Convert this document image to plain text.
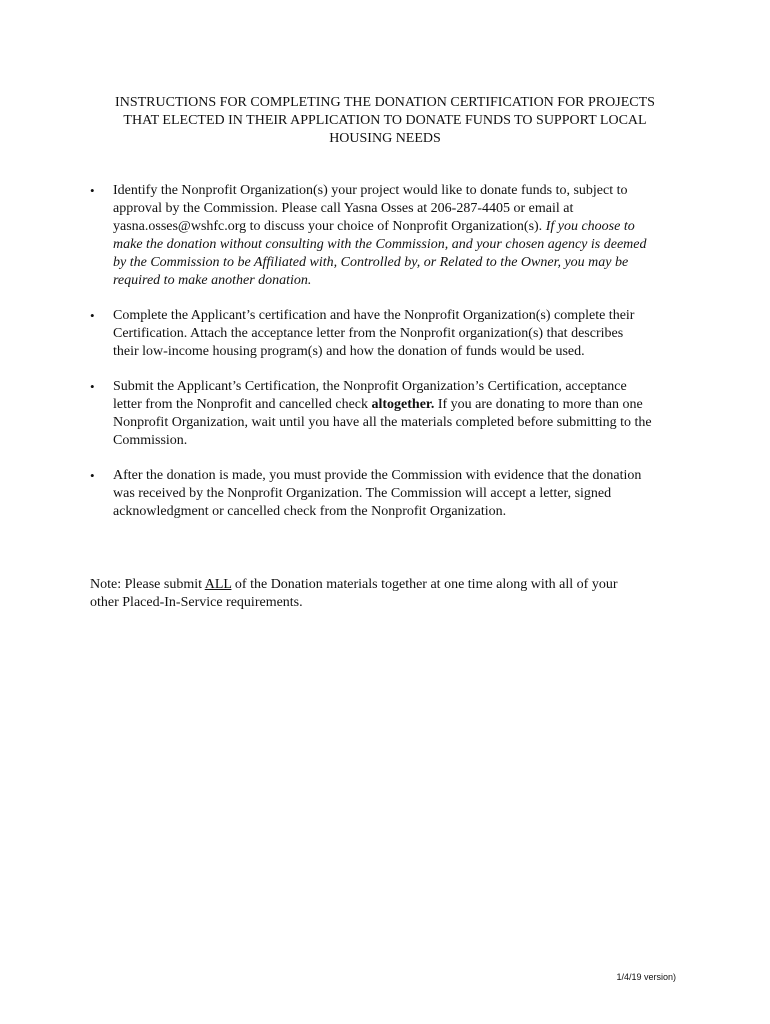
INSTRUCTIONS FOR COMPLETING THE DONATION CERTIFICATION FOR PROJECTS
THAT ELECTED IN THEIR APPLICATION TO DONATE FUNDS TO SUPPORT LOCAL
HOUSING NEEDS
• Identify the Nonprofit Organization(s) your project would like to donate funds to, subject to
approval by the Commission. Please call Yasna Osses at 206-287-4405 or email at
yasna.osses@wshfc.org to discuss your choice of Nonprofit Organization(s). If you choose to
make the donation without consulting with the Commission, and your chosen agency is deemed
by the Commission to be Affiliated with, Controlled by, or Related to the Owner, you may be
required to make another donation.
• Complete the Applicant’s certification and have the Nonprofit Organization(s) complete their
Certification. Attach the acceptance letter from the Nonprofit organization(s) that describes
their low-income housing program(s) and how the donation of funds would be used.
• Submit the Applicant’s Certification, the Nonprofit Organization’s Certification, acceptance
letter from the Nonprofit and cancelled check altogether. If you are donating to more than one
Nonprofit Organization, wait until you have all the materials completed before submitting to the
Commission.
• After the donation is made, you must provide the Commission with evidence that the donation
was received by the Nonprofit Organization. The Commission will accept a letter, signed
acknowledgment or cancelled check from the Nonprofit Organization.
Note: Please submit ALL of the Donation materials together at one time along with all of your
other Placed-In-Service requirements.
1/4/19 version)
